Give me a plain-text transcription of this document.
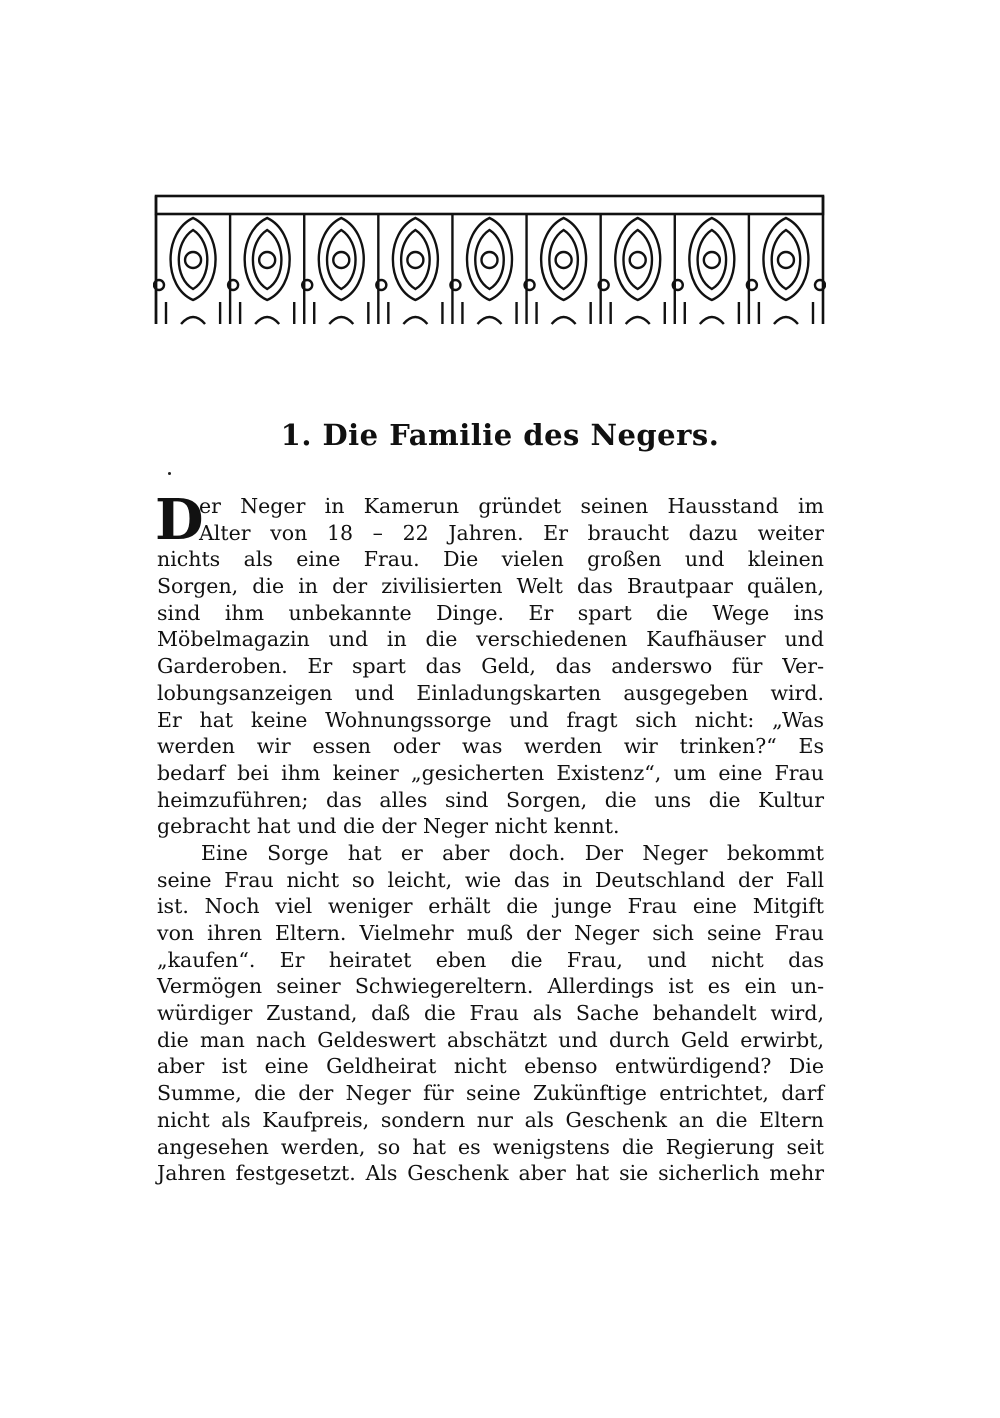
1. Die Familie des Negers.
D
er Neger in Kamerun gründet seinen Hausstand im
Alter von 18 – 22 Jahren. Er braucht dazu weiter
nichts als eine Frau. Die vielen großen und kleinen
Sorgen, die in der zivilisierten Welt das Brautpaar quälen,
sind ihm unbekannte Dinge. Er spart die Wege ins
Möbelmagazin und in die verschiedenen Kaufhäuser und
Garderoben. Er spart das Geld, das anderswo für Ver-
lobungsanzeigen und Einladungskarten ausgegeben wird.
Er hat keine Wohnungssorge und fragt sich nicht: „Was
werden wir essen oder was werden wir trinken?“ Es
bedarf bei ihm keiner „gesicherten Existenz“, um eine Frau
heimzuführen; das alles sind Sorgen, die uns die Kultur
gebracht hat und die der Neger nicht kennt.
Eine Sorge hat er aber doch. Der Neger bekommt
seine Frau nicht so leicht, wie das in Deutschland der Fall
ist. Noch viel weniger erhält die junge Frau eine Mitgift
von ihren Eltern. Vielmehr muß der Neger sich seine Frau
„kaufen“. Er heiratet eben die Frau, und nicht das
Vermögen seiner Schwiegereltern. Allerdings ist es ein un-
würdiger Zustand, daß die Frau als Sache behandelt wird,
die man nach Geldeswert abschätzt und durch Geld erwirbt,
aber ist eine Geldheirat nicht ebenso entwürdigend? Die
Summe, die der Neger für seine Zukünftige entrichtet, darf
nicht als Kaufpreis, sondern nur als Geschenk an die Eltern
angesehen werden, so hat es wenigstens die Regierung seit
Jahren festgesetzt. Als Geschenk aber hat sie sicherlich mehr
